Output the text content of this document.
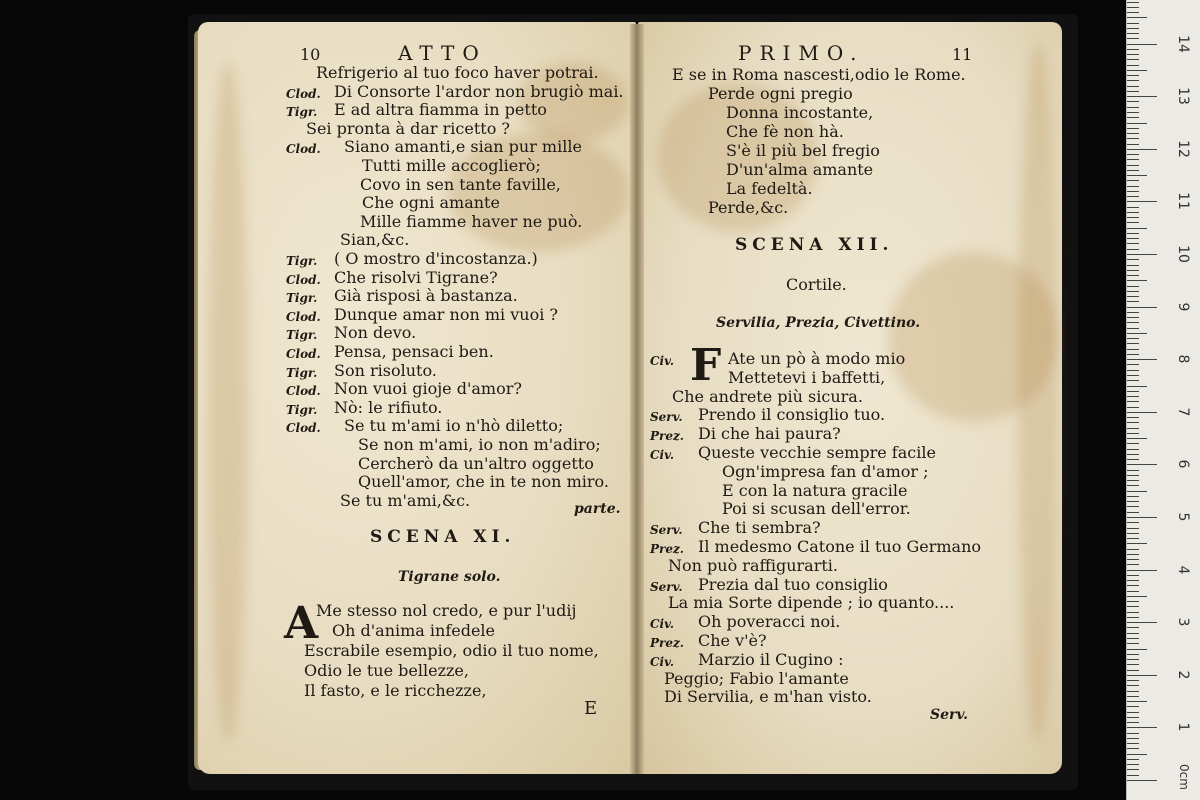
10	ATTO
Refrigerio al tuo foco haver potrai.
Clod. Di Consorte l'ardor non brugiò mai.
Tigr. E ad altra fiamma in petto
Sei pronta à dar ricetto ?
Clod. Siano amanti,e sian pur mille
Tutti mille accoglierò;
Covo in sen tante faville,
Che ogni amante
Mille fiamme haver ne può.
Sian,&c.
Tigr. ( O mostro d'incostanza.)
Clod. Che risolvi Tigrane?
Tigr. Già risposi à bastanza.
Clod. Dunque amar non mi vuoi ?
Tigr. Non devo.
Clod. Pensa, pensaci ben.
Tigr. Son risoluto.
Clod. Non vuoi gioje d'amor?
Tigr. Nò: le rifiuto.
Clod. Se tu m'ami io n'hò diletto;
Se non m'ami, io non m'adiro;
Cercherò da un'altro oggetto
Quell'amor, che in te non miro.
Se tu m'ami,&c.	parte.
SCENA XI.
Tigrane solo.
A
Me stesso nol credo, e pur l'udij
Oh d'anima infedele
Escrabile esempio, odio il tuo nome,
Odio le tue bellezze,
Il fasto, e le ricchezze,
E
PRIMO.	11
E se in Roma nascesti,odio le Rome.
Perde ogni pregio
Donna incostante,
Che fè non hà.
S'è il più bel fregio
D'un'alma amante
La fedeltà.
Perde,&c.
SCENA XII.
Cortile.
Servilia, Prezia, Civettino.
F
Civ.	Ate un pò à modo mio
Mettetevi i baffetti,
Che andrete più sicura.
Serv. Prendo il consiglio tuo.
Prez. Di che hai paura?
Civ. Queste vecchie sempre facile
Ogn'impresa fan d'amor ;
E con la natura gracile
Poi si scusan dell'error.
Serv. Che ti sembra?
Prez. Il medesmo Catone il tuo Germano
Non può raffigurarti.
Serv. Prezia dal tuo consiglio
La mia Sorte dipende ; io quanto....
Civ. Oh poveracci noi.
Prez. Che v'è?
Civ. Marzio il Cugino :
Peggio; Fabio l'amante
Di Servilia, e m'han visto.
Serv.
14
13
12
11
10
9
8
7
6
5
4
3
2
1
0cm
